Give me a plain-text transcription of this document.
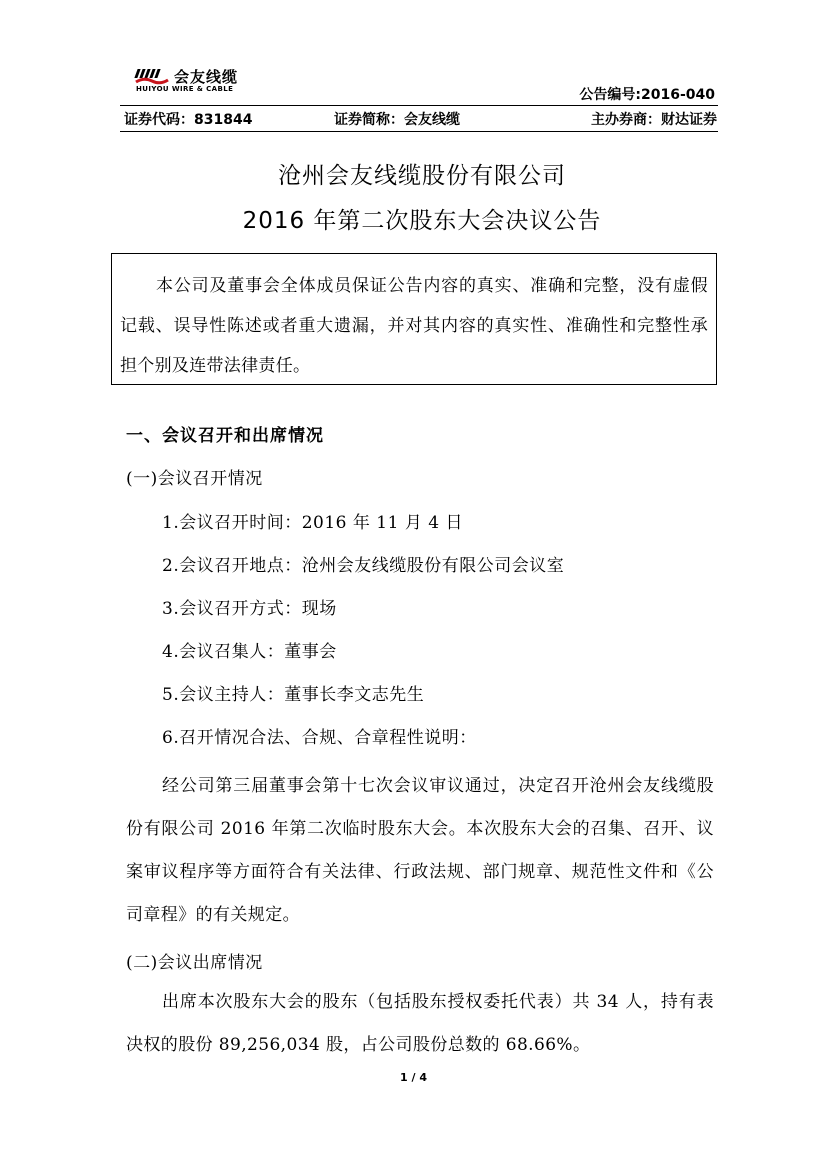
会友线缆
HUIYOU WIRE & CABLE	公告编号:2016-040
证券代码：831844	证券简称：会友线缆	主办券商：财达证券
沧州会友线缆股份有限公司
2016 年第二次股东大会决议公告

本公司及董事会全体成员保证公告内容的真实、准确和完整，没有虚假记载、误导性陈述或者重大遗漏，并对其内容的真实性、准确性和完整性承担个别及连带法律责任。

一、会议召开和出席情况
(一)会议召开情况
1.会议召开时间：2016 年 11 月 4 日
2.会议召开地点：沧州会友线缆股份有限公司会议室
3.会议召开方式：现场
4.会议召集人：董事会
5.会议主持人：董事长李文志先生
6.召开情况合法、合规、合章程性说明：

经公司第三届董事会第十七次会议审议通过，决定召开沧州会友线缆股份有限公司 2016 年第二次临时股东大会。本次股东大会的召集、召开、议案审议程序等方面符合有关法律、行政法规、部门规章、规范性文件和《公司章程》的有关规定。

(二)会议出席情况

出席本次股东大会的股东（包括股东授权委托代表）共 34 人，持有表决权的股份 89,256,034 股，占公司股份总数的 68.66%。

1 / 4
